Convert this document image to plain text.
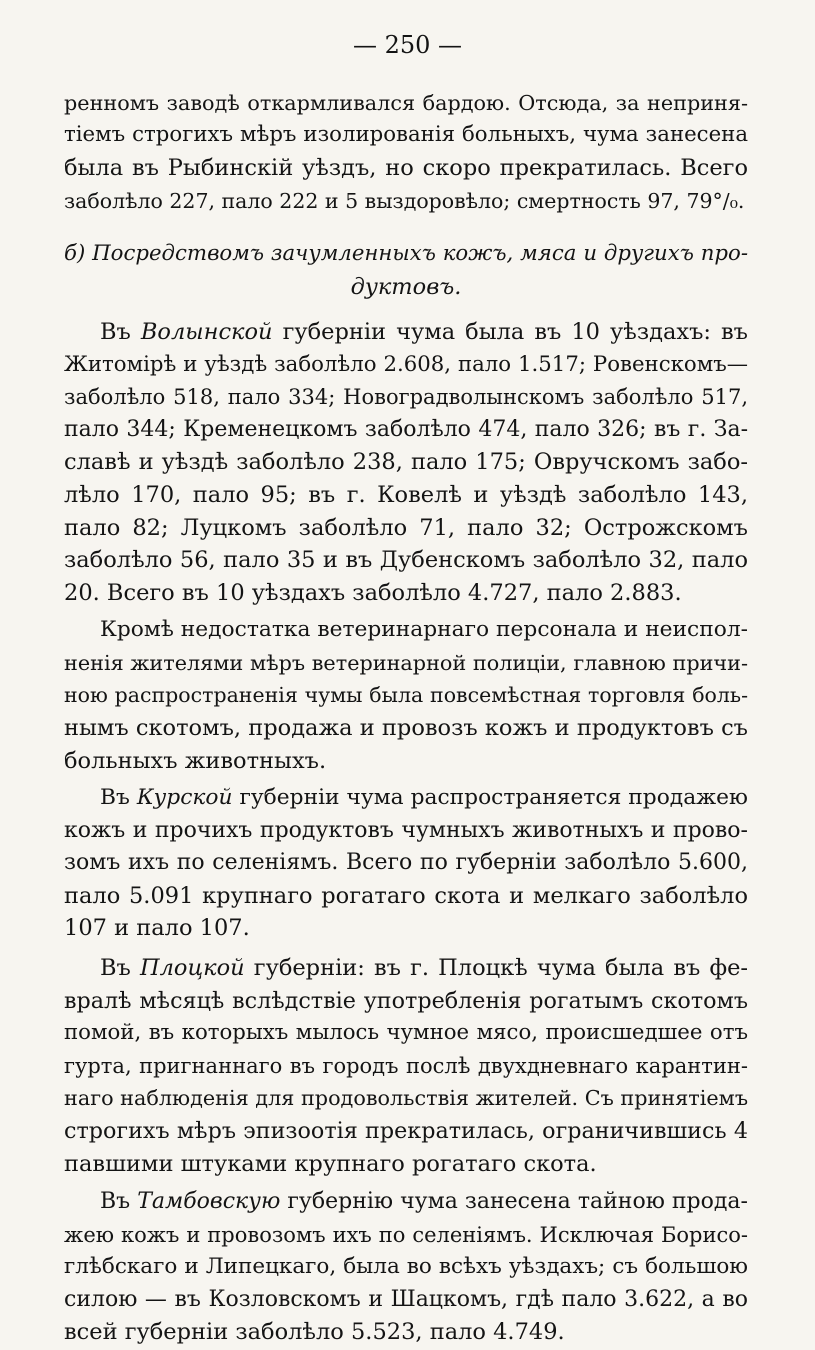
— 250 —
ренномъ заводѣ откармливался бардою. Отсюда, за неприня-
тіемъ строгихъ мѣръ изолированія больныхъ, чума занесена
была въ Рыбинскій уѣздъ, но скоро прекратилась. Всего
заболѣло 227, пало 222 и 5 выздоровѣло; смертность 97, 79°/₀.
б) Посредствомъ зачумленныхъ кожъ, мяса и другихъ про-
дуктовъ.
Въ Волынской губерніи чума была въ 10 уѣздахъ: въ
Житомірѣ и уѣздѣ заболѣло 2.608, пало 1.517; Ровенскомъ—
заболѣло 518, пало 334; Новоградволынскомъ заболѣло 517,
пало 344; Кременецкомъ заболѣло 474, пало 326; въ г. За-
славѣ и уѣздѣ заболѣло 238, пало 175; Овручскомъ забо-
лѣло 170, пало 95; въ г. Ковелѣ и уѣздѣ заболѣло 143,
пало 82; Луцкомъ заболѣло 71, пало 32; Острожскомъ
заболѣло 56, пало 35 и въ Дубенскомъ заболѣло 32, пало
20. Всего въ 10 уѣздахъ заболѣло 4.727, пало 2.883.
Кромѣ недостатка ветеринарнаго персонала и неиспол-
ненія жителями мѣръ ветеринарной полиціи, главною причи-
ною распространенія чумы была повсемѣстная торговля боль-
нымъ скотомъ, продажа и провозъ кожъ и продуктовъ съ
больныхъ животныхъ.
Въ Курской губерніи чума распространяется продажею
кожъ и прочихъ продуктовъ чумныхъ животныхъ и прово-
зомъ ихъ по селеніямъ. Всего по губерніи заболѣло 5.600,
пало 5.091 крупнаго рогатаго скота и мелкаго заболѣло
107 и пало 107.
Въ Плоцкой губерніи: въ г. Плоцкѣ чума была въ фе-
вралѣ мѣсяцѣ вслѣдствіе употребленія рогатымъ скотомъ
помой, въ которыхъ мылось чумное мясо, происшедшее отъ
гурта, пригнаннаго въ городъ послѣ двухдневнаго карантин-
наго наблюденія для продовольствія жителей. Съ принятіемъ
строгихъ мѣръ эпизоотія прекратилась, ограничившись 4
павшими штуками крупнаго рогатаго скота.
Въ Тамбовскую губернію чума занесена тайною прода-
жею кожъ и провозомъ ихъ по селеніямъ. Исключая Борисо-
глѣбскаго и Липецкаго, была во всѣхъ уѣздахъ; съ большою
силою — въ Козловскомъ и Шацкомъ, гдѣ пало 3.622, а во
всей губерніи заболѣло 5.523, пало 4.749.
